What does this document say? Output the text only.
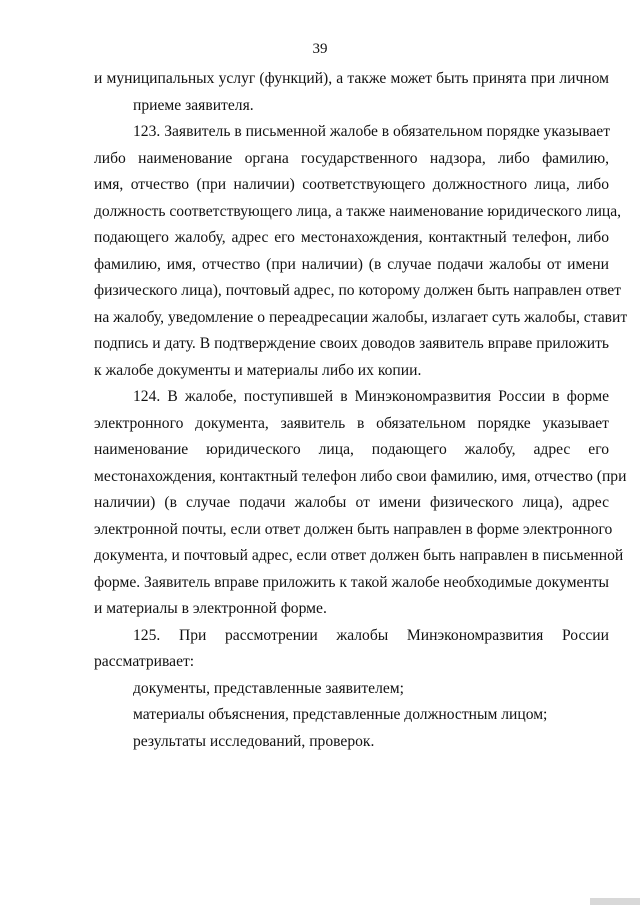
39
и муниципальных услуг (функций), а также может быть принята при личном
приеме заявителя.
123. Заявитель в письменной жалобе в обязательном порядке указывает
либо наименование органа государственного надзора, либо фамилию,
имя, отчество (при наличии) соответствующего должностного лица, либо
должность соответствующего лица, а также наименование юридического лица,
подающего жалобу, адрес его местонахождения, контактный телефон, либо
фамилию, имя, отчество (при наличии) (в случае подачи жалобы от имени
физического лица), почтовый адрес, по которому должен быть направлен ответ
на жалобу, уведомление о переадресации жалобы, излагает суть жалобы, ставит
подпись и дату. В подтверждение своих доводов заявитель вправе приложить
к жалобе документы и материалы либо их копии.
124. В жалобе, поступившей в Минэкономразвития России в форме
электронного документа, заявитель в обязательном порядке указывает
наименование юридического лица, подающего жалобу, адрес его
местонахождения, контактный телефон либо свои фамилию, имя, отчество (при
наличии) (в случае подачи жалобы от имени физического лица), адрес
электронной почты, если ответ должен быть направлен в форме электронного
документа, и почтовый адрес, если ответ должен быть направлен в письменной
форме. Заявитель вправе приложить к такой жалобе необходимые документы
и материалы в электронной форме.
125. При рассмотрении жалобы Минэкономразвития России
рассматривает:
документы, представленные заявителем;
материалы объяснения, представленные должностным лицом;
результаты исследований, проверок.
